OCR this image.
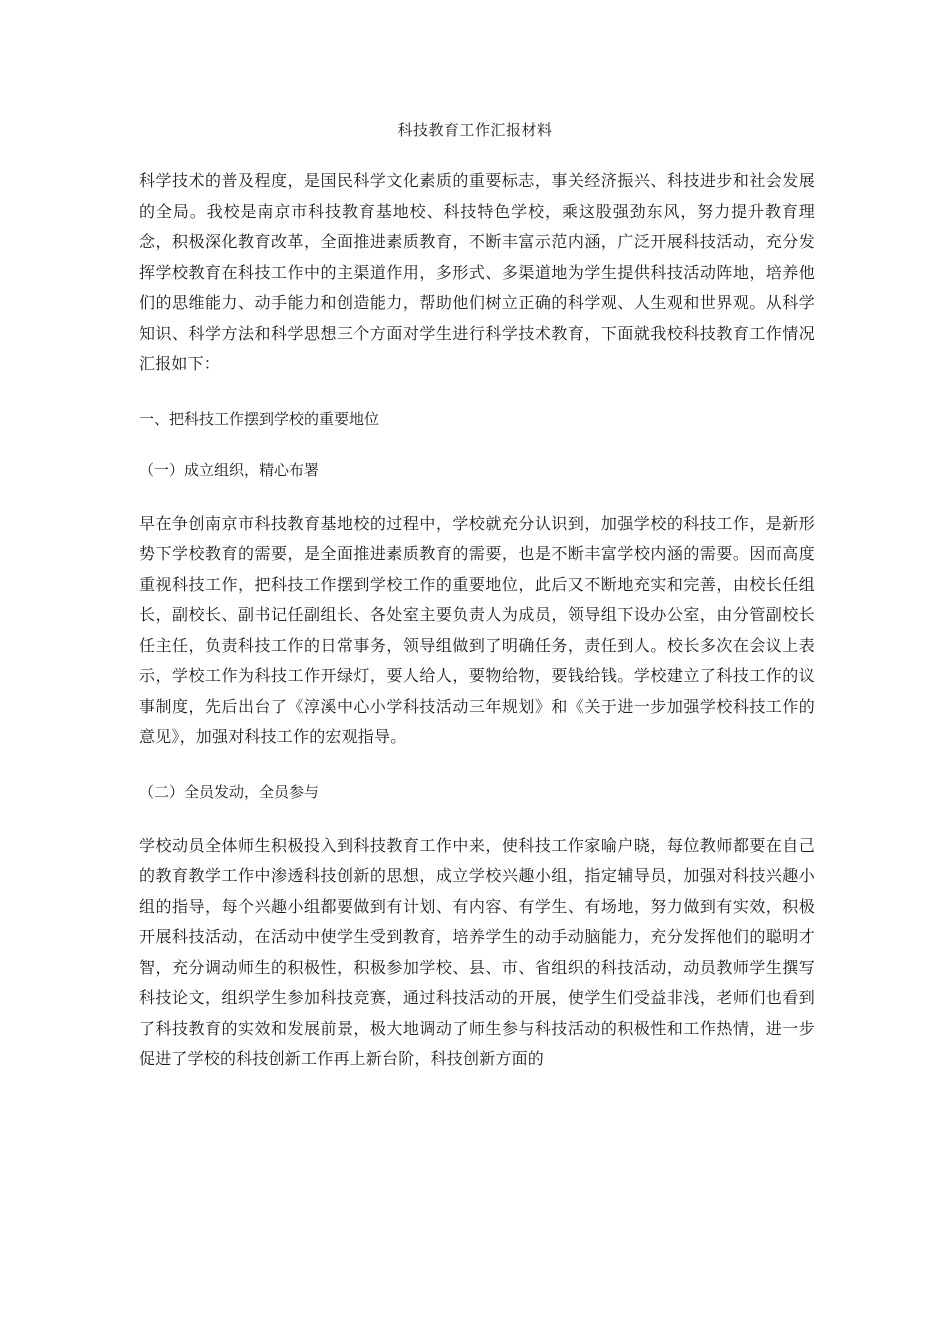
科技教育工作汇报材料

科学技术的普及程度，是国民科学文化素质的重要标志，事关经济振兴、科技进步和社会发展的全局。我校是南京市科技教育基地校、科技特色学校，乘这股强劲东风，努力提升教育理念，积极深化教育改革，全面推进素质教育，不断丰富示范内涵，广泛开展科技活动，充分发挥学校教育在科技工作中的主渠道作用，多形式、多渠道地为学生提供科技活动阵地，培养他们的思维能力、动手能力和创造能力，帮助他们树立正确的科学观、人生观和世界观。从科学知识、科学方法和科学思想三个方面对学生进行科学技术教育，下面就我校科技教育工作情况汇报如下：

一、把科技工作摆到学校的重要地位

（一）成立组织，精心布署

早在争创南京市科技教育基地校的过程中，学校就充分认识到，加强学校的科技工作，是新形势下学校教育的需要，是全面推进素质教育的需要，也是不断丰富学校内涵的需要。因而高度重视科技工作，把科技工作摆到学校工作的重要地位，此后又不断地充实和完善，由校长任组长，副校长、副书记任副组长、各处室主要负责人为成员，领导组下设办公室，由分管副校长任主任，负责科技工作的日常事务，领导组做到了明确任务，责任到人。校长多次在会议上表示，学校工作为科技工作开绿灯，要人给人，要物给物，要钱给钱。学校建立了科技工作的议事制度，先后出台了《淳溪中心小学科技活动三年规划》和《关于进一步加强学校科技工作的意见》，加强对科技工作的宏观指导。

（二）全员发动，全员参与

学校动员全体师生积极投入到科技教育工作中来，使科技工作家喻户晓，每位教师都要在自己的教育教学工作中渗透科技创新的思想，成立学校兴趣小组，指定辅导员，加强对科技兴趣小组的指导，每个兴趣小组都要做到有计划、有内容、有学生、有场地，努力做到有实效，积极开展科技活动，在活动中使学生受到教育，培养学生的动手动脑能力，充分发挥他们的聪明才智，充分调动师生的积极性，积极参加学校、县、市、省组织的科技活动，动员教师学生撰写科技论文，组织学生参加科技竞赛，通过科技活动的开展，使学生们受益非浅，老师们也看到了科技教育的实效和发展前景，极大地调动了师生参与科技活动的积极性和工作热情，进一步促进了学校的科技创新工作再上新台阶，科技创新方面的
